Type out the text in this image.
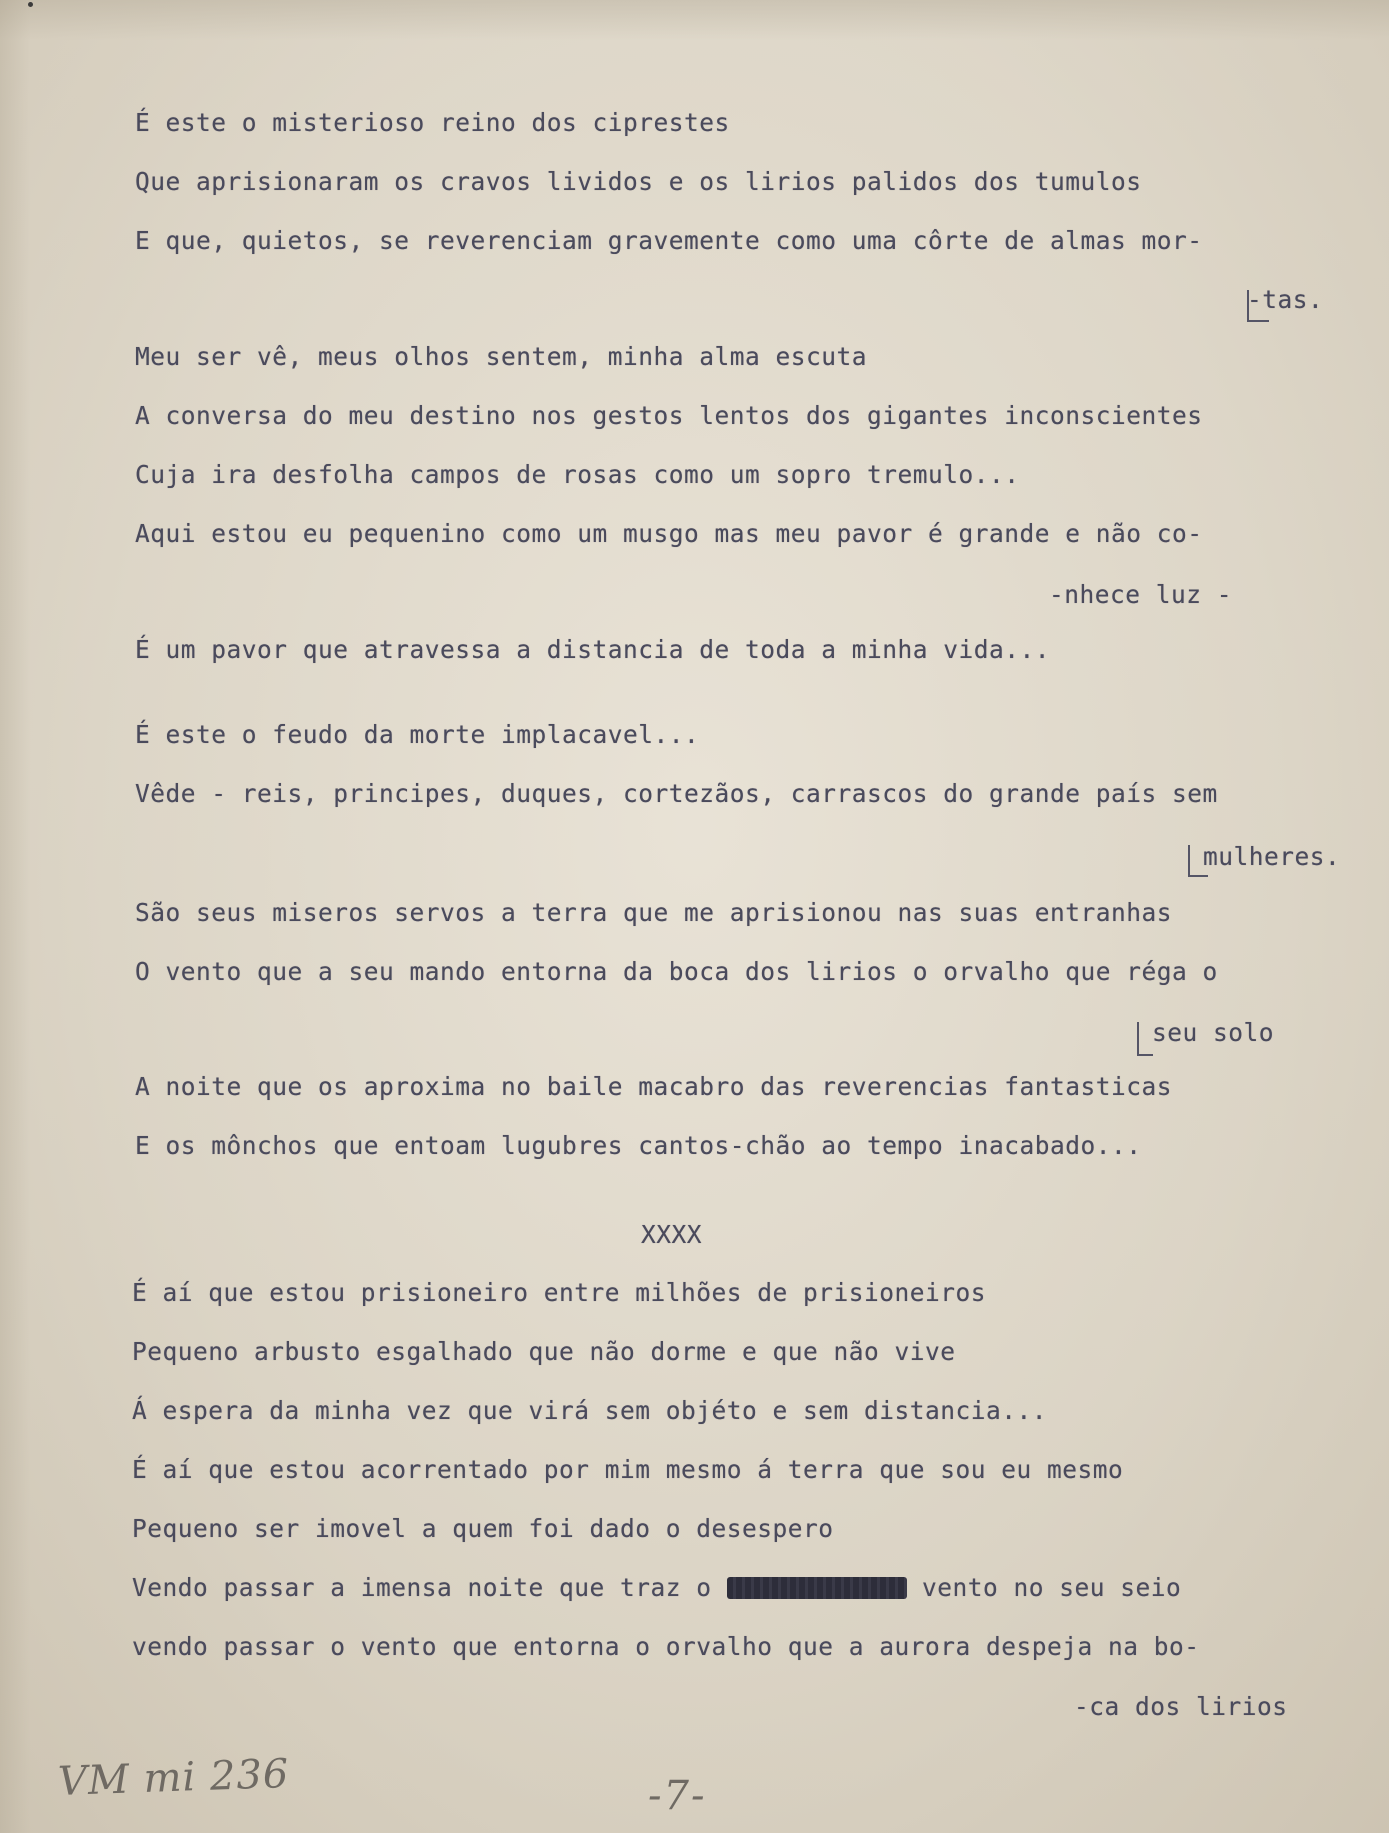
É este o misterioso reino dos ciprestes

Que aprisionaram os cravos lividos e os lirios palidos dos tumulos

E que, quietos, se reverenciam gravemente como uma côrte de almas mor-

-tas.

Meu ser vê, meus olhos sentem, minha alma escuta

A conversa do meu destino nos gestos lentos dos gigantes inconscientes

Cuja ira desfolha campos de rosas como um sopro tremulo...

Aqui estou eu pequenino como um musgo mas meu pavor é grande e não co-

-nhece luz -

É um pavor que atravessa a distancia de toda a minha vida...

É este o feudo da morte implacavel...

Vêde - reis, principes, duques, cortezãos, carrascos do grande país sem

mulheres.

São seus miseros servos a terra que me aprisionou nas suas entranhas

O vento que a seu mando entorna da boca dos lirios o orvalho que réga o

seu solo

A noite que os aproxima no baile macabro das reverencias fantasticas

E os mônchos que entoam lugubres cantos-chão ao tempo inacabado...

XXXX

É aí que estou prisioneiro entre milhões de prisioneiros

Pequeno arbusto esgalhado que não dorme e que não vive

Á espera da minha vez que virá sem objéto e sem distancia...

É aí que estou acorrentado por mim mesmo á terra que sou eu mesmo

Pequeno ser imovel a quem foi dado o desespero

Vendo passar a imensa noite que traz o	vento no seu seio

vendo passar o vento que entorna o orvalho que a aurora despeja na bo-

-ca dos lirios

VM mi 236	-7-
